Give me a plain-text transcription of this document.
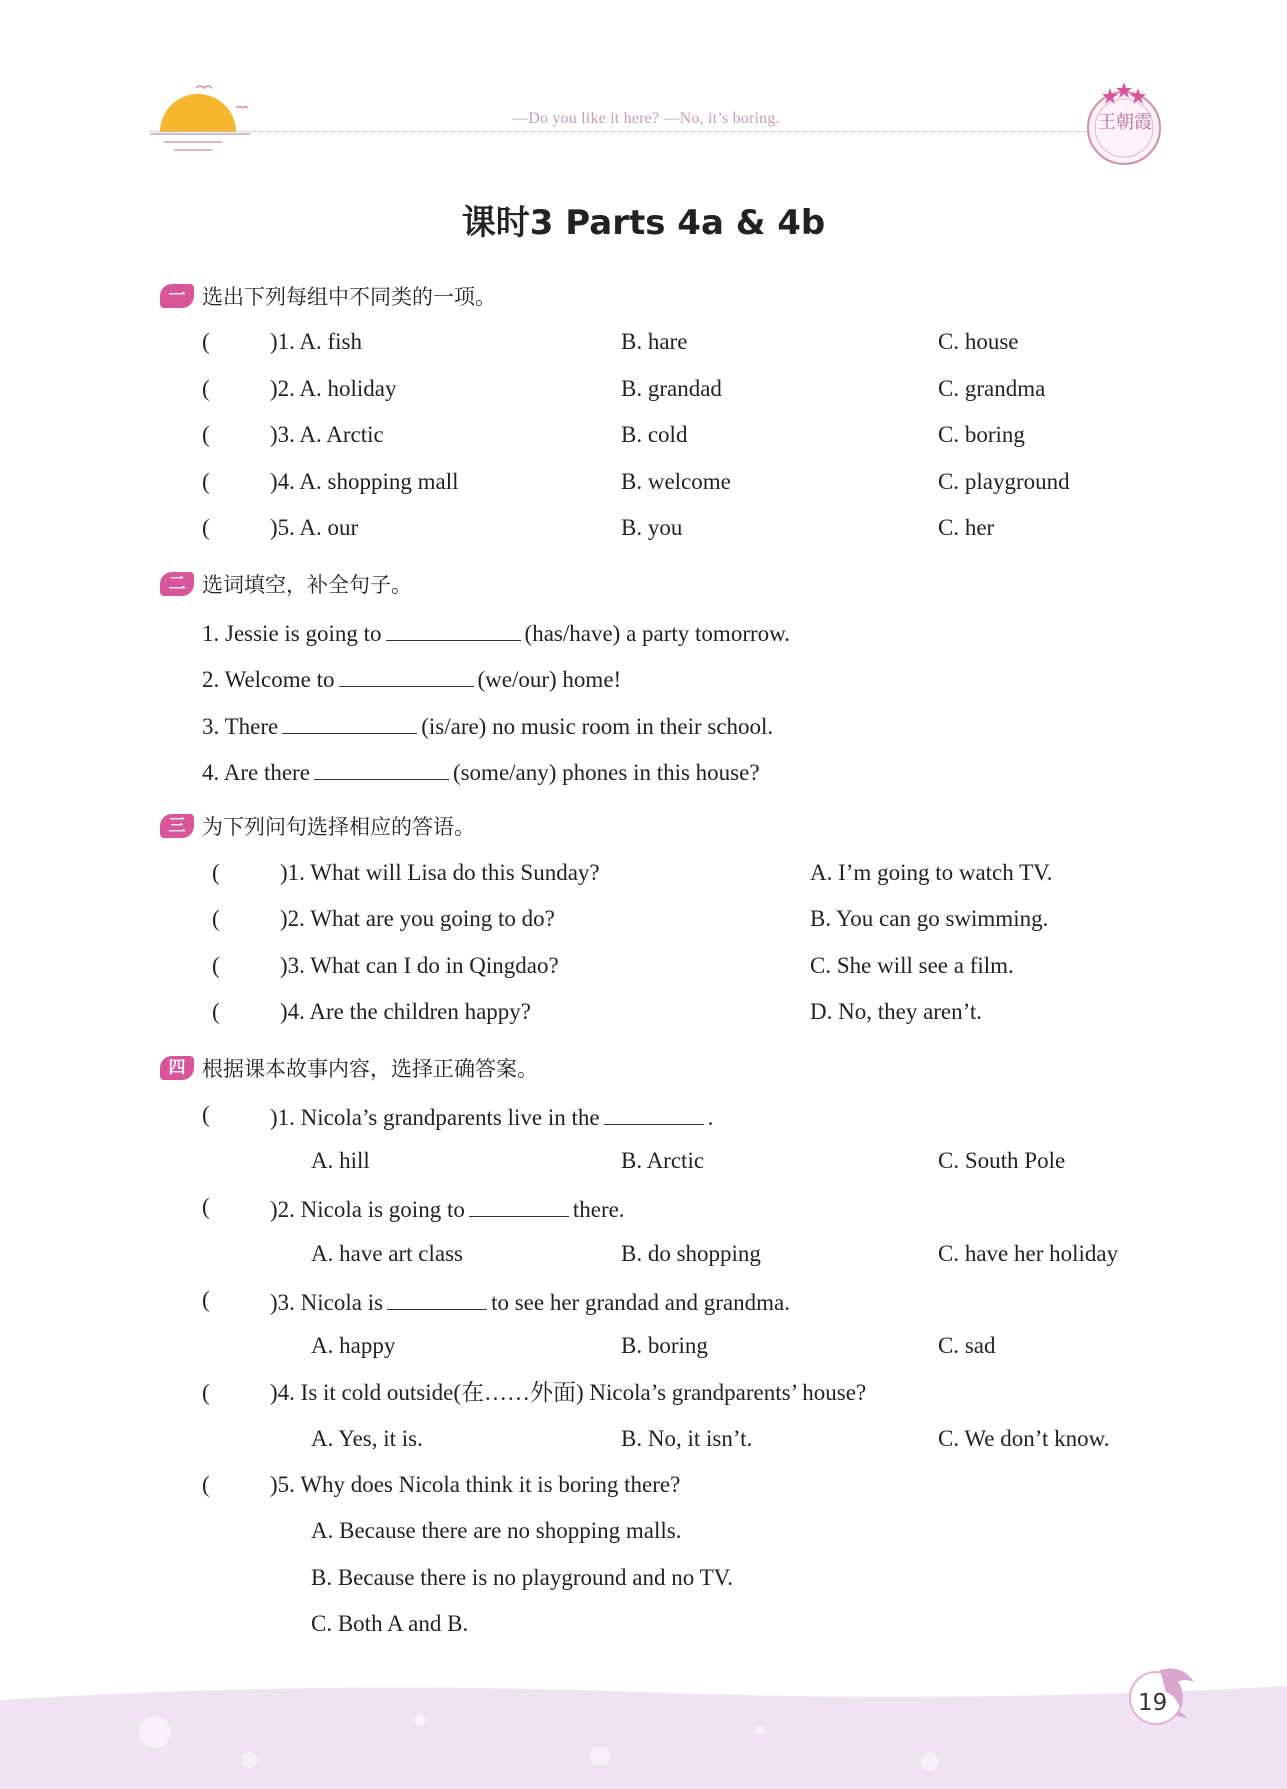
—Do you like it here? —No, it’s boring.	王朝霞
课时3 Parts 4a & 4b
一 选出下列每组中不同类的一项。
(	)1. A. fish	B. hare	C. house
(	)2. A. holiday	B. grandad	C. grandma
(	)3. A. Arctic	B. cold	C. boring
(	)4. A. shopping mall	B. welcome	C. playground
(	)5. A. our	B. you	C. her
二 选词填空，补全句子。
1. Jessie is going to	(has/have) a party tomorrow.
2. Welcome to	(we/our) home!
3. There	(is/are) no music room in their school.
4. Are there	(some/any) phones in this house?
三 为下列问句选择相应的答语。
(	)1. What will Lisa do this Sunday?	A. I’m going to watch TV.
(	)2. What are you going to do?	B. You can go swimming.
(	)3. What can I do in Qingdao?	C. She will see a film.
(	)4. Are the children happy?	D. No, they aren’t.
四 根据课本故事内容，选择正确答案。
(	)1. Nicola’s grandparents live in the	.
A. hill	B. Arctic	C. South Pole
(	)2. Nicola is going to	there.
A. have art class	B. do shopping	C. have her holiday
(	)3. Nicola is	to see her grandad and grandma.
A. happy	B. boring	C. sad
(	)4. Is it cold outside(在……外面) Nicola’s grandparents’ house?
A. Yes, it is.	B. No, it isn’t.	C. We don’t know.
(	)5. Why does Nicola think it is boring there?
A. Because there are no shopping malls.
B. Because there is no playground and no TV.
C. Both A and B.
19
